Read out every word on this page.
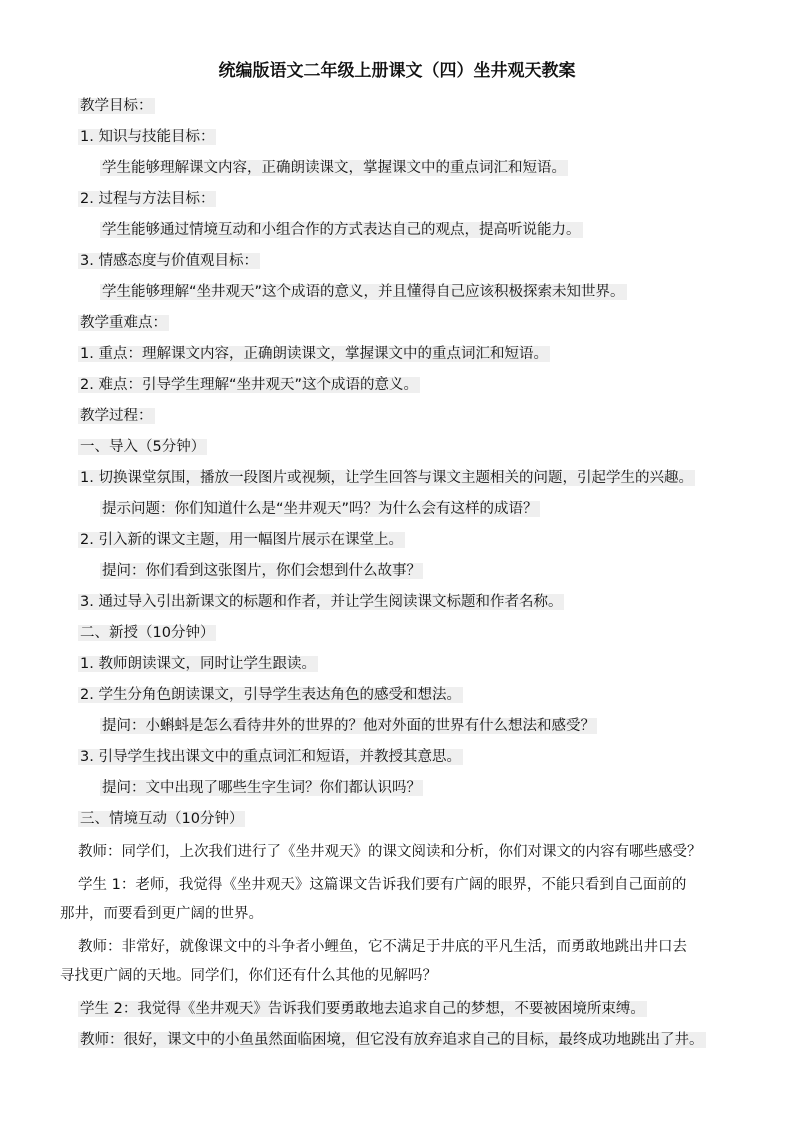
统编版语文二年级上册课文（四）坐井观天教案
教学目标：
1. 知识与技能目标：
学生能够理解课文内容，正确朗读课文，掌握课文中的重点词汇和短语。
2. 过程与方法目标：
学生能够通过情境互动和小组合作的方式表达自己的观点，提高听说能力。
3. 情感态度与价值观目标：
学生能够理解“坐井观天”这个成语的意义，并且懂得自己应该积极探索未知世界。
教学重难点：
1. 重点：理解课文内容，正确朗读课文，掌握课文中的重点词汇和短语。
2. 难点：引导学生理解“坐井观天”这个成语的意义。
教学过程：
一、导入（5分钟）
1. 切换课堂氛围，播放一段图片或视频，让学生回答与课文主题相关的问题，引起学生的兴趣。
提示问题：你们知道什么是“坐井观天”吗？为什么会有这样的成语？
2. 引入新的课文主题，用一幅图片展示在课堂上。
提问：你们看到这张图片，你们会想到什么故事？
3. 通过导入引出新课文的标题和作者，并让学生阅读课文标题和作者名称。
二、新授（10分钟）
1. 教师朗读课文，同时让学生跟读。
2. 学生分角色朗读课文，引导学生表达角色的感受和想法。
提问：小蝌蚪是怎么看待井外的世界的？他对外面的世界有什么想法和感受？
3. 引导学生找出课文中的重点词汇和短语，并教授其意思。
提问：文中出现了哪些生字生词？你们都认识吗？
三、情境互动（10分钟）
教师：同学们，上次我们进行了《坐井观天》的课文阅读和分析，你们对课文的内容有哪些感受？
学生 1：老师，我觉得《坐井观天》这篇课文告诉我们要有广阔的眼界，不能只看到自己面前的
那井，而要看到更广阔的世界。
教师：非常好，就像课文中的斗争者小鲤鱼，它不满足于井底的平凡生活，而勇敢地跳出井口去
寻找更广阔的天地。同学们，你们还有什么其他的见解吗？
学生 2：我觉得《坐井观天》告诉我们要勇敢地去追求自己的梦想，不要被困境所束缚。
教师：很好，课文中的小鱼虽然面临困境，但它没有放弃追求自己的目标，最终成功地跳出了井。
